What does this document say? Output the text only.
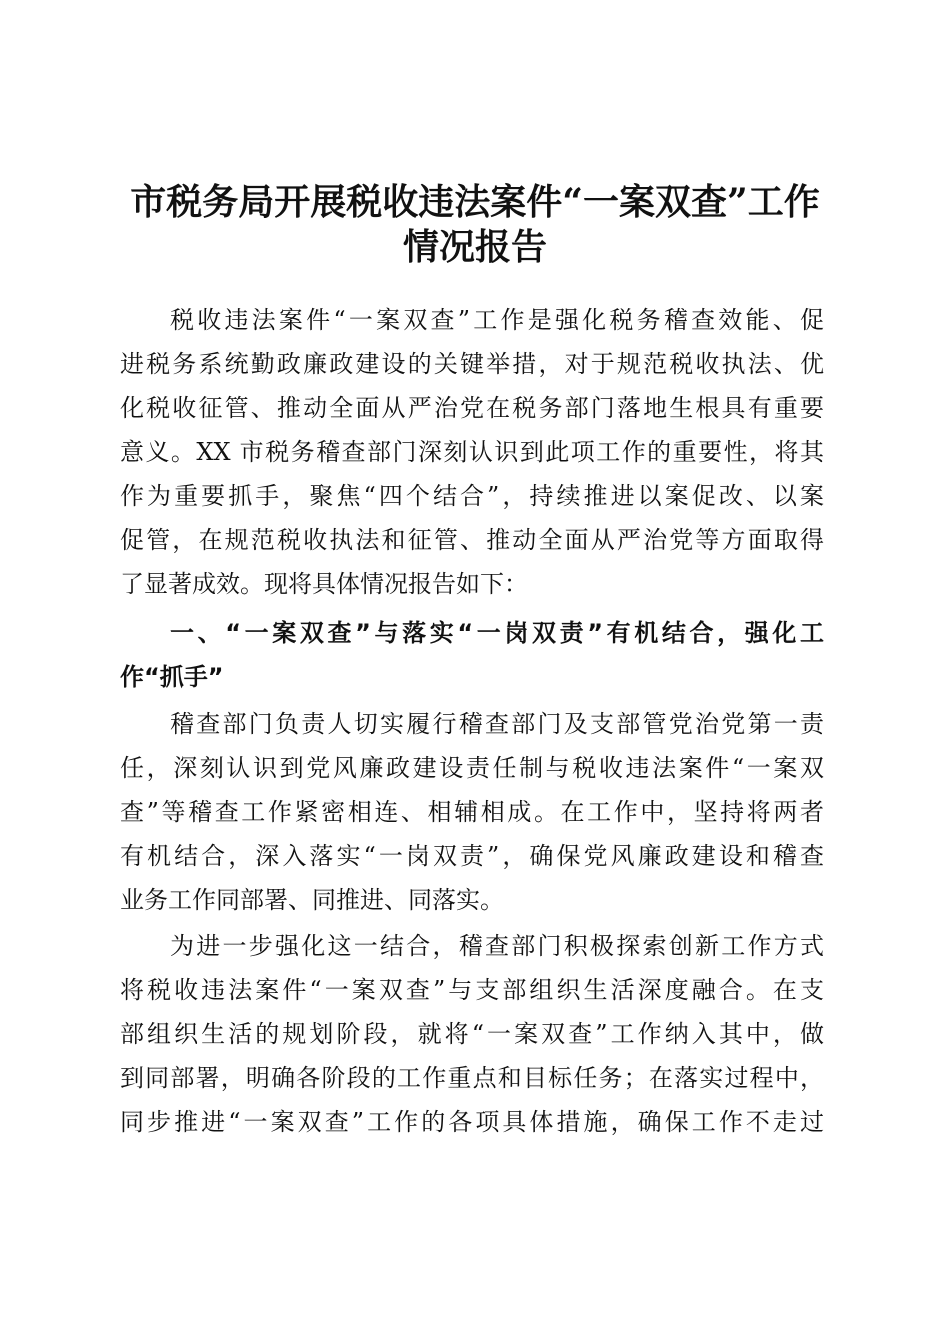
市税务局开展税收违法案件“一案双查”工作
情况报告

税收违法案件“一案双查”工作是强化税务稽查效能、促

进税务系统勤政廉政建设的关键举措，对于规范税收执法、优

化税收征管、推动全面从严治党在税务部门落地生根具有重要

意义。XX 市税务稽查部门深刻认识到此项工作的重要性，将其

作为重要抓手，聚焦“四个结合”，持续推进以案促改、以案

促管，在规范税收执法和征管、推动全面从严治党等方面取得

了显著成效。现将具体情况报告如下：

一、“一案双查”与落实“一岗双责”有机结合，强化工

作“抓手”

稽查部门负责人切实履行稽查部门及支部管党治党第一责

任，深刻认识到党风廉政建设责任制与税收违法案件“一案双

查”等稽查工作紧密相连、相辅相成。在工作中，坚持将两者

有机结合，深入落实“一岗双责”，确保党风廉政建设和稽查

业务工作同部署、同推进、同落实。

为进一步强化这一结合，稽查部门积极探索创新工作方式

将税收违法案件“一案双查”与支部组织生活深度融合。在支

部组织生活的规划阶段，就将“一案双查”工作纳入其中，做

到同部署，明确各阶段的工作重点和目标任务；在落实过程中，

同步推进“一案双查”工作的各项具体措施，确保工作不走过
